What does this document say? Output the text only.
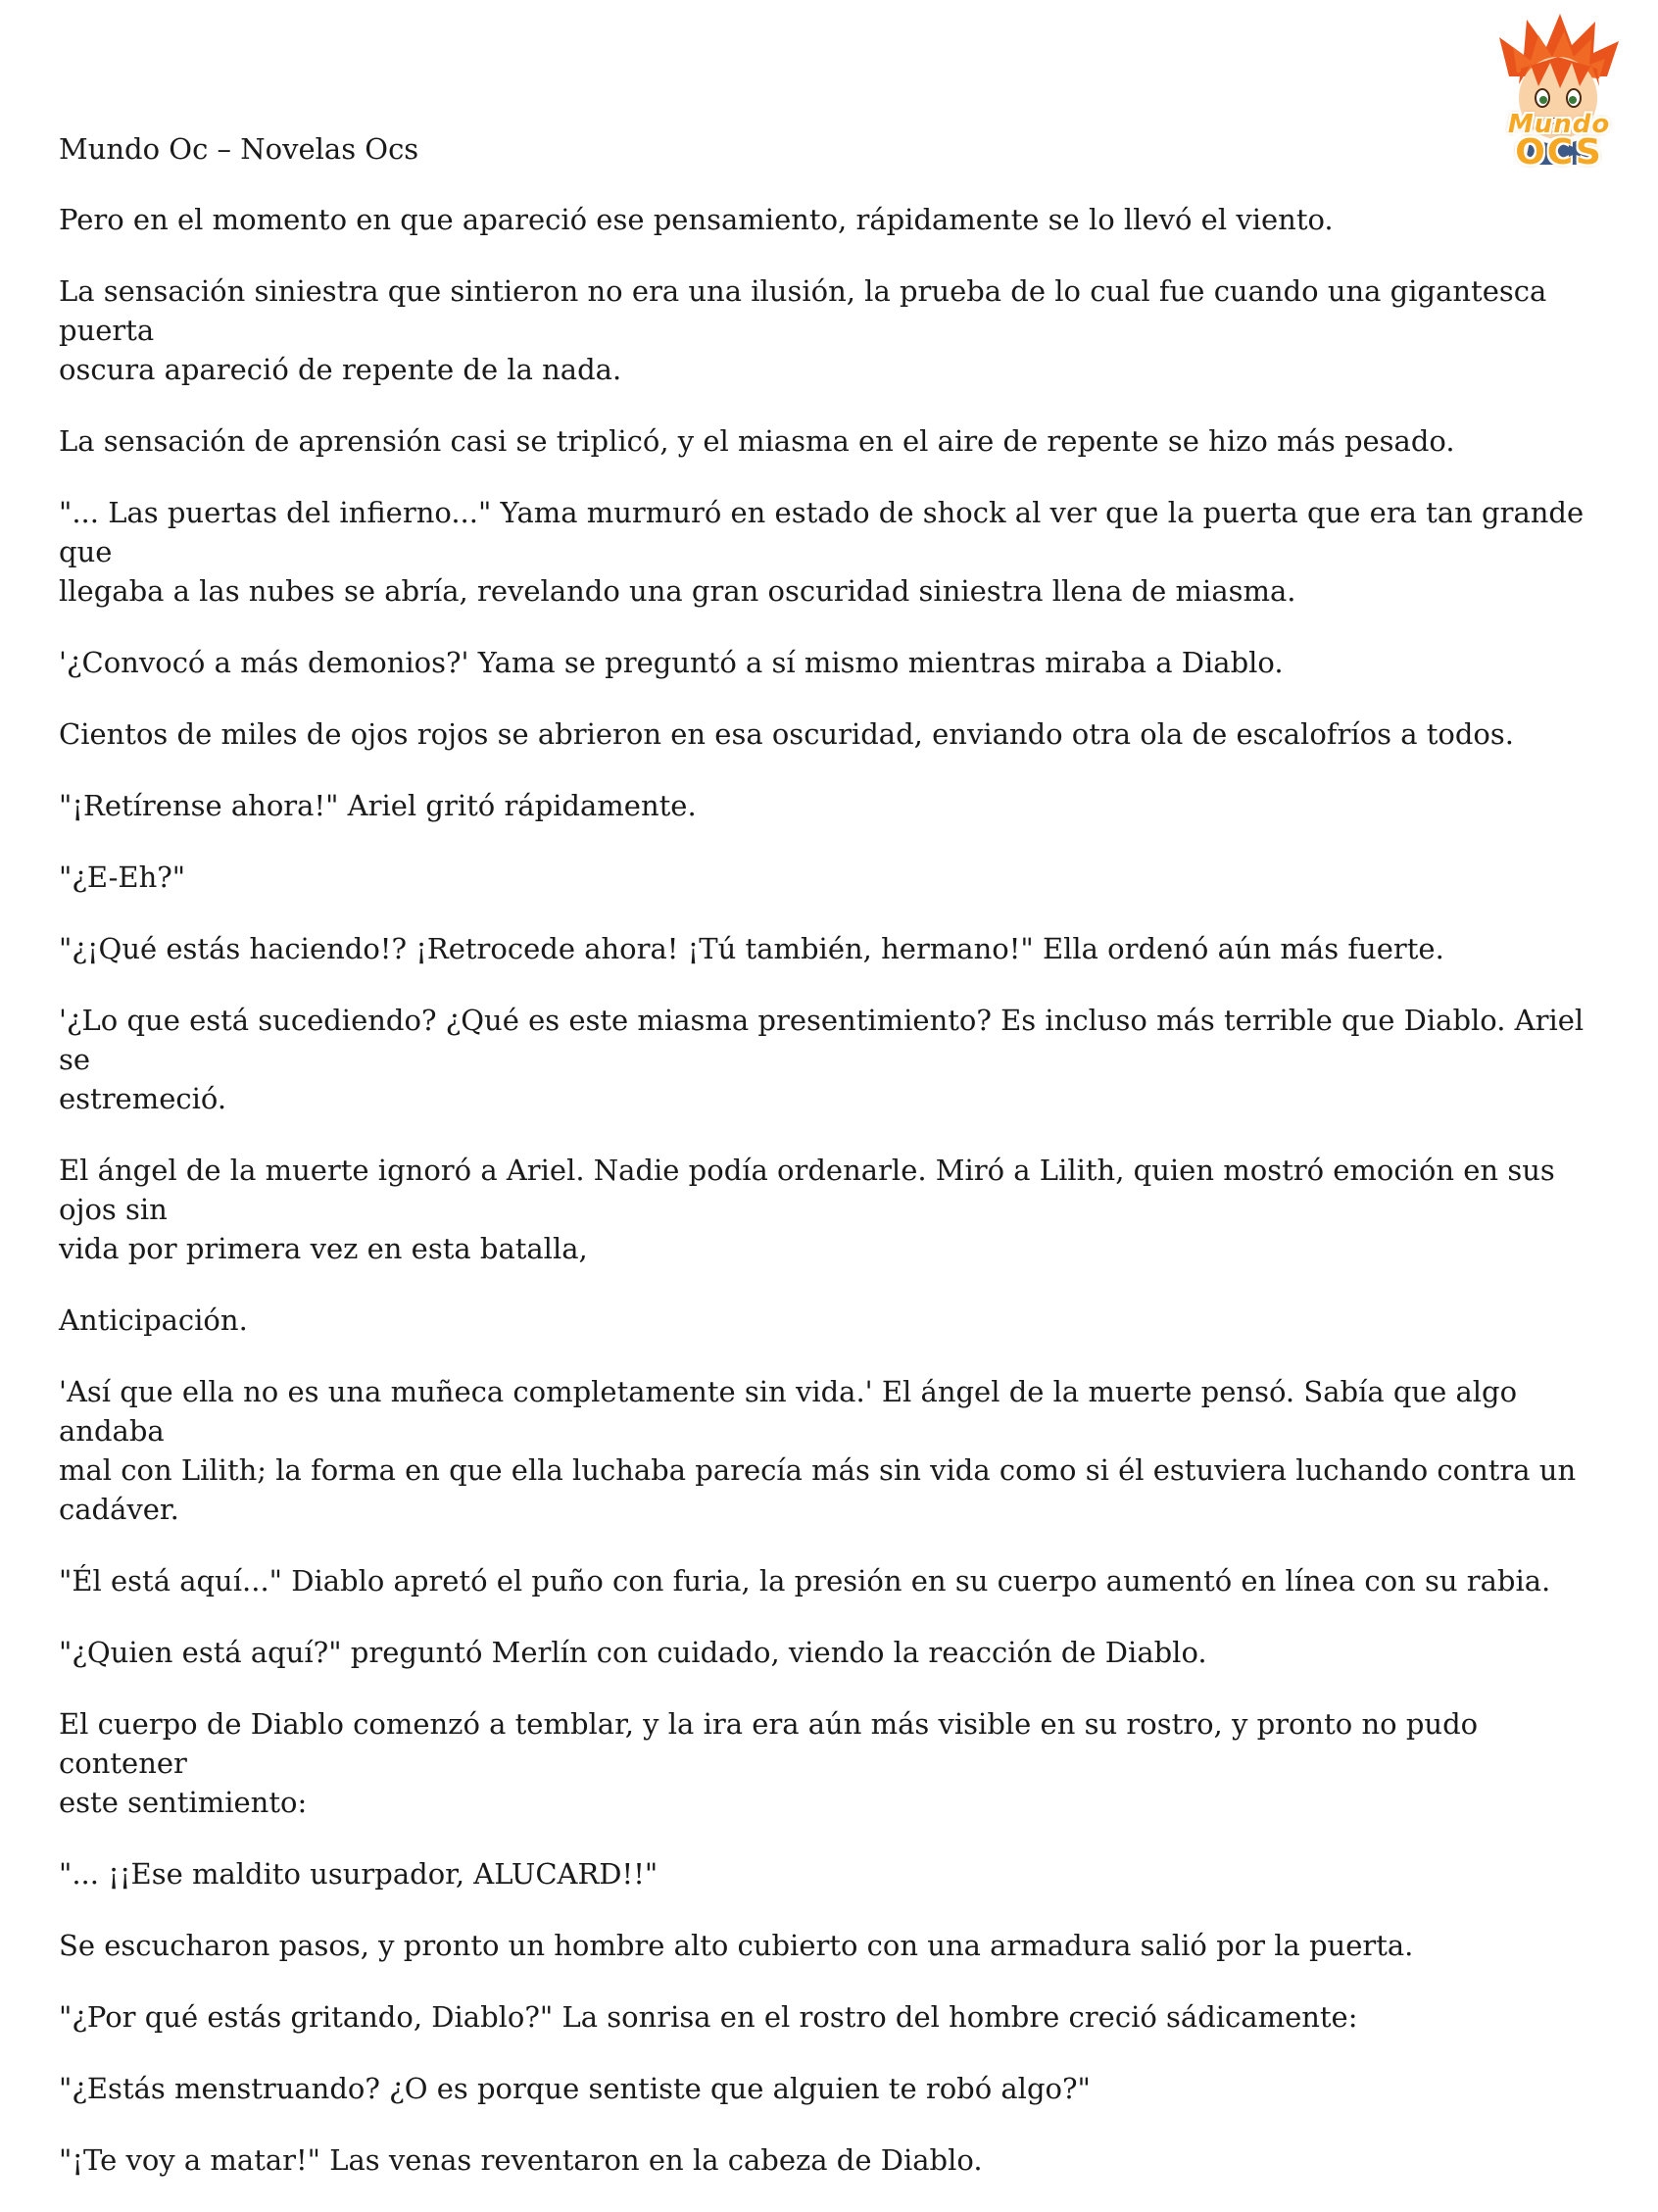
Mundo
OCS
Mundo Oc – Novelas Ocs

Pero en el momento en que apareció ese pensamiento, rápidamente se lo llevó el viento.

La sensación siniestra que sintieron no era una ilusión, la prueba de lo cual fue cuando una gigantesca puerta
oscura apareció de repente de la nada.

La sensación de aprensión casi se triplicó, y el miasma en el aire de repente se hizo más pesado.

"... Las puertas del infierno..." Yama murmuró en estado de shock al ver que la puerta que era tan grande que
llegaba a las nubes se abría, revelando una gran oscuridad siniestra llena de miasma.

'¿Convocó a más demonios?' Yama se preguntó a sí mismo mientras miraba a Diablo.

Cientos de miles de ojos rojos se abrieron en esa oscuridad, enviando otra ola de escalofríos a todos.

"¡Retírense ahora!" Ariel gritó rápidamente.

"¿E-Eh?"

"¿¡Qué estás haciendo!? ¡Retrocede ahora! ¡Tú también, hermano!" Ella ordenó aún más fuerte.

'¿Lo que está sucediendo? ¿Qué es este miasma presentimiento? Es incluso más terrible que Diablo. Ariel se
estremeció.

El ángel de la muerte ignoró a Ariel. Nadie podía ordenarle. Miró a Lilith, quien mostró emoción en sus ojos sin
vida por primera vez en esta batalla,

Anticipación.

'Así que ella no es una muñeca completamente sin vida.' El ángel de la muerte pensó. Sabía que algo andaba
mal con Lilith; la forma en que ella luchaba parecía más sin vida como si él estuviera luchando contra un
cadáver.

"Él está aquí..." Diablo apretó el puño con furia, la presión en su cuerpo aumentó en línea con su rabia.

"¿Quien está aquí?" preguntó Merlín con cuidado, viendo la reacción de Diablo.

El cuerpo de Diablo comenzó a temblar, y la ira era aún más visible en su rostro, y pronto no pudo contener
este sentimiento:

"... ¡¡Ese maldito usurpador, ALUCARD!!"

Se escucharon pasos, y pronto un hombre alto cubierto con una armadura salió por la puerta.

"¿Por qué estás gritando, Diablo?" La sonrisa en el rostro del hombre creció sádicamente:

"¿Estás menstruando? ¿O es porque sentiste que alguien te robó algo?"

"¡Te voy a matar!" Las venas reventaron en la cabeza de Diablo.
